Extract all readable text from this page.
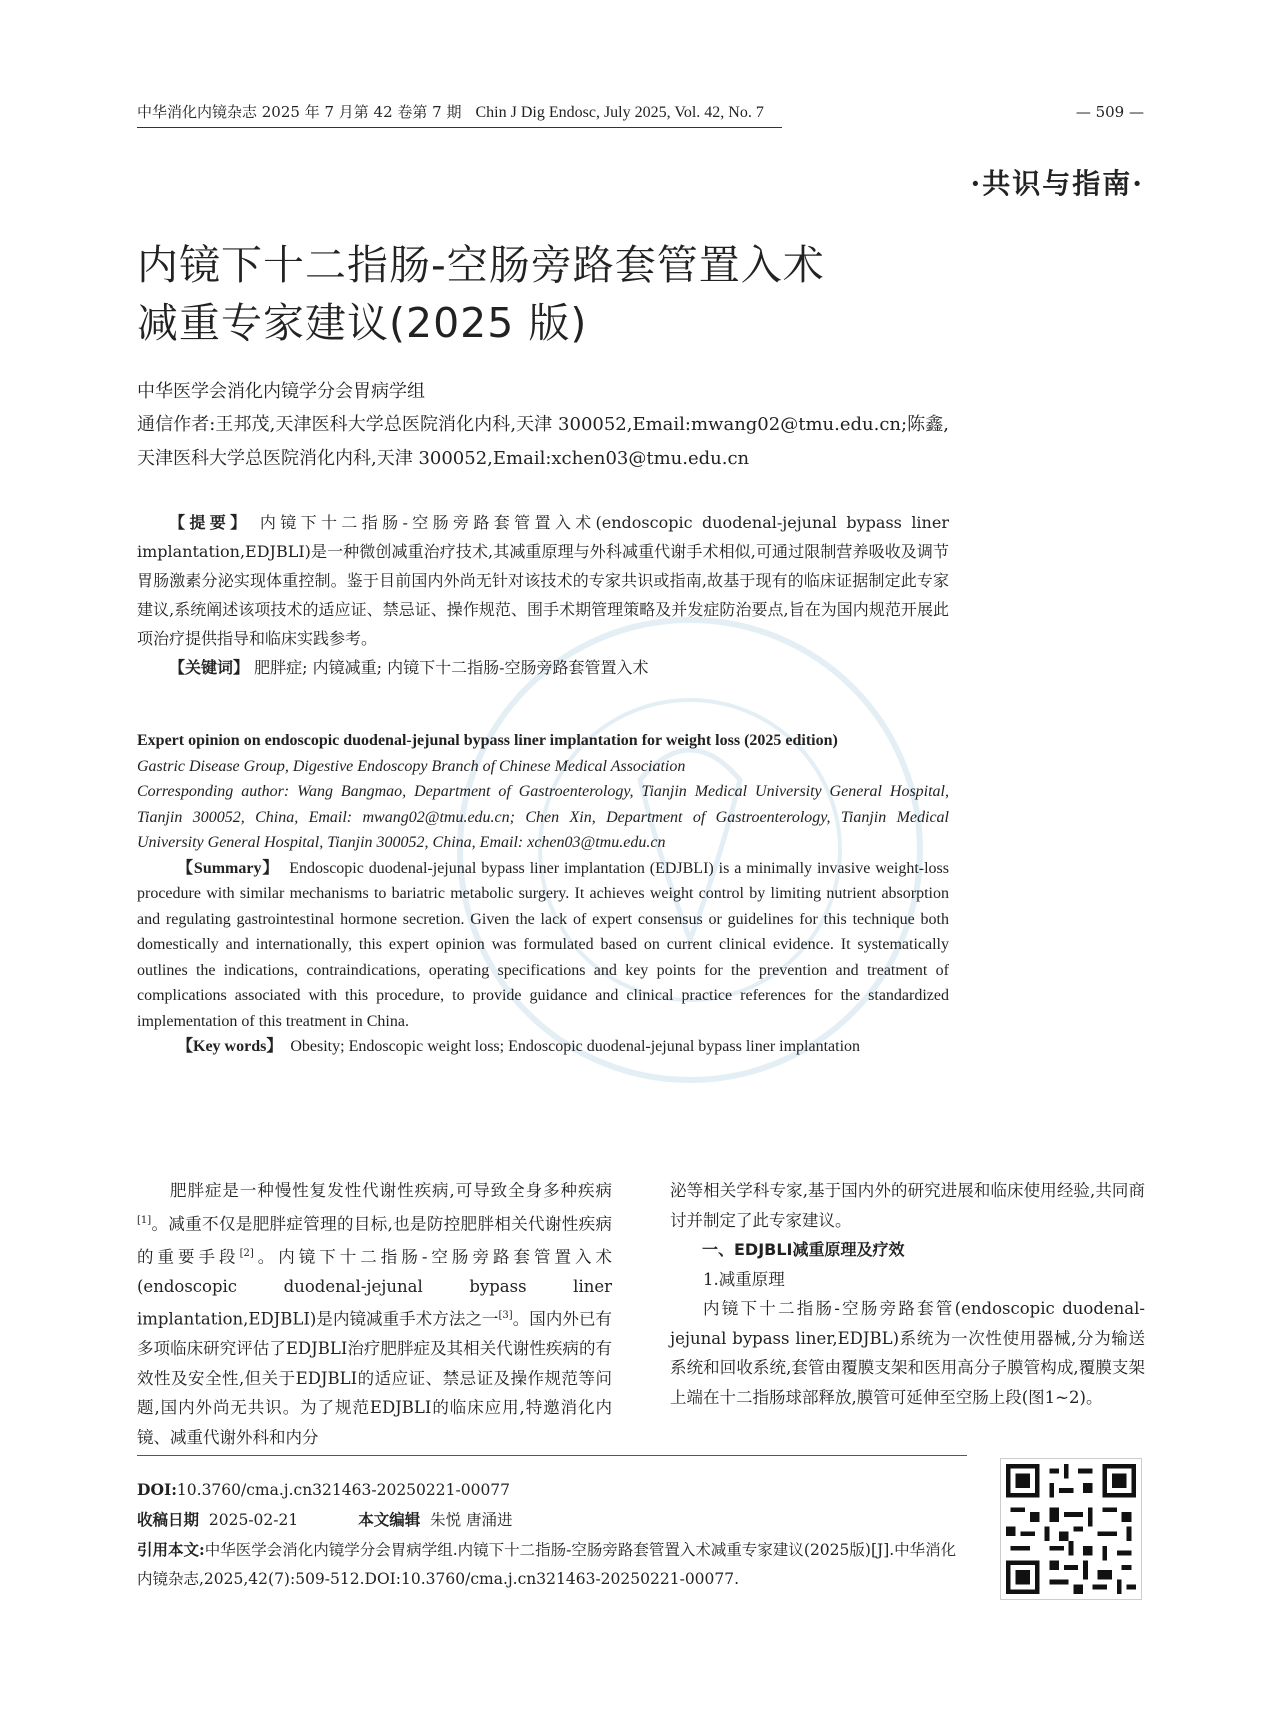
中华消化内镜杂志 2025 年 7 月第 42 卷第 7 期 Chin J Dig Endosc, July 2025, Vol. 42, No. 7	— 509 —
·共识与指南·
内镜下十二指肠-空肠旁路套管置入术
减重专家建议(2025 版)
中华医学会消化内镜学分会胃病学组
通信作者:王邦茂,天津医科大学总医院消化内科,天津 300052,Email:mwang02@tmu.edu.cn;陈鑫,天津医科大学总医院消化内科,天津 300052,Email:xchen03@tmu.edu.cn

【提要】 内镜下十二指肠-空肠旁路套管置入术(endoscopic duodenal-jejunal bypass liner implantation,EDJBLI)是一种微创减重治疗技术,其减重原理与外科减重代谢手术相似,可通过限制营养吸收及调节胃肠激素分泌实现体重控制。鉴于目前国内外尚无针对该技术的专家共识或指南,故基于现有的临床证据制定此专家建议,系统阐述该项技术的适应证、禁忌证、操作规范、围手术期管理策略及并发症防治要点,旨在为国内规范开展此项治疗提供指导和临床实践参考。

【关键词】 肥胖症; 内镜减重; 内镜下十二指肠-空肠旁路套管置入术

Expert opinion on endoscopic duodenal-jejunal bypass liner implantation for weight loss (2025 edition)

Gastric Disease Group, Digestive Endoscopy Branch of Chinese Medical Association

Corresponding author: Wang Bangmao, Department of Gastroenterology, Tianjin Medical University General Hospital, Tianjin 300052, China, Email: mwang02@tmu.edu.cn; Chen Xin, Department of Gastroenterology, Tianjin Medical University General Hospital, Tianjin 300052, China, Email: xchen03@tmu.edu.cn

【Summary】 Endoscopic duodenal-jejunal bypass liner implantation (EDJBLI) is a minimally invasive weight-loss procedure with similar mechanisms to bariatric metabolic surgery. It achieves weight control by limiting nutrient absorption and regulating gastrointestinal hormone secretion. Given the lack of expert consensus or guidelines for this technique both domestically and internationally, this expert opinion was formulated based on current clinical evidence. It systematically outlines the indications, contraindications, operating specifications and key points for the prevention and treatment of complications associated with this procedure, to provide guidance and clinical practice references for the standardized implementation of this treatment in China.

【Key words】 Obesity; Endoscopic weight loss; Endoscopic duodenal-jejunal bypass liner implantation

肥胖症是一种慢性复发性代谢性疾病,可导致全身多种疾病[1]。减重不仅是肥胖症管理的目标,也是防控肥胖相关代谢性疾病的重要手段[2]。内镜下十二指肠-空肠旁路套管置入术(endoscopic duodenal-jejunal bypass liner implantation,EDJBLI)是内镜减重手术方法之一[3]。国内外已有多项临床研究评估了EDJBLI治疗肥胖症及其相关代谢性疾病的有效性及安全性,但关于EDJBLI的适应证、禁忌证及操作规范等问题,国内外尚无共识。为了规范EDJBLI的临床应用,特邀消化内镜、减重代谢外科和内分

泌等相关学科专家,基于国内外的研究进展和临床使用经验,共同商讨并制定了此专家建议。

一、EDJBLI减重原理及疗效

1.减重原理

内镜下十二指肠-空肠旁路套管(endoscopic duodenal-jejunal bypass liner,EDJBL)系统为一次性使用器械,分为输送系统和回收系统,套管由覆膜支架和医用高分子膜管构成,覆膜支架上端在十二指肠球部释放,膜管可延伸至空肠上段(图1~2)。

DOI:10.3760/cma.j.cn321463-20250221-00077
收稿日期 2025-02-21	本文编辑 朱悦 唐涌进
引用本文:中华医学会消化内镜学分会胃病学组.内镜下十二指肠-空肠旁路套管置入术减重专家建议(2025版)[J].中华消化内镜杂志,2025,42(7):509-512.DOI:10.3760/cma.j.cn321463-20250221-00077.
